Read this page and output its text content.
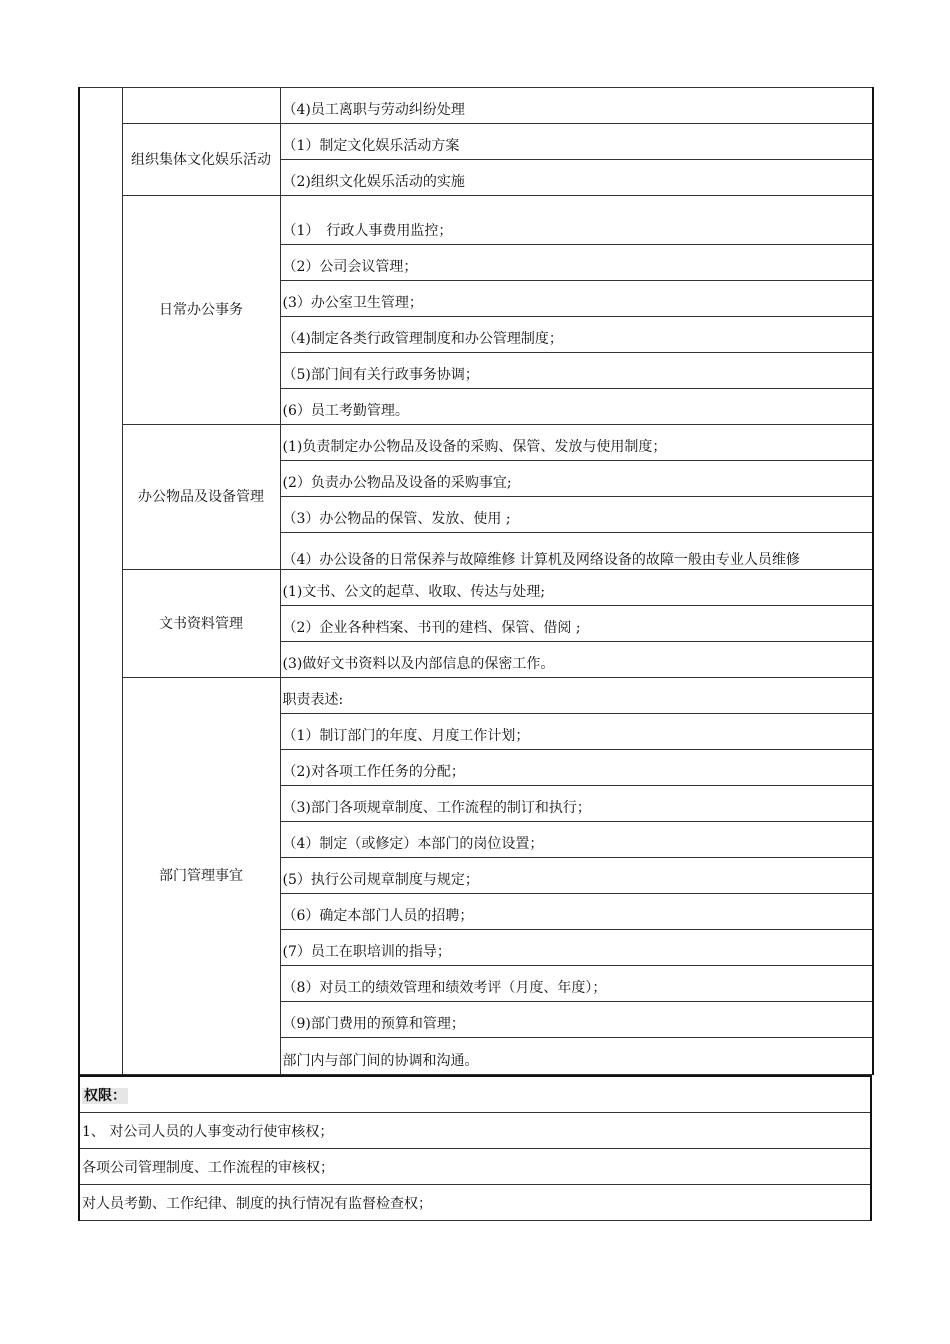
		（4)员工离职与劳动纠纷处理
	组织集体文化娱乐活动	（1）制定文化娱乐活动方案
		（2)组织文化娱乐活动的实施
	日常办公事务	（1）　行政人事费用监控；
		（2）公司会议管理；
		(3）办公室卫生管理；
		（4)制定各类行政管理制度和办公管理制度；
		（5)部门间有关行政事务协调；
		(6）员工考勤管理。
	办公物品及设备管理	(1)负责制定办公物品及设备的采购、保管、发放与使用制度；
		(2）负责办公物品及设备的采购事宜;
		（3）办公物品的保管、发放、使用 ;
		（4）办公设备的日常保养与故障维修 计算机及网络设备的故障一般由专业人员维修
	文书资料管理	(1)文书、公文的起草、收取、传达与处理;
		（2）企业各种档案、书刊的建档、保管、借阅 ;
		(3)做好文书资料以及内部信息的保密工作。
	部门管理事宜	职责表述:
		（1）制订部门的年度、月度工作计划；
		（2)对各项工作任务的分配；
		（3)部门各项规章制度、工作流程的制订和执行；
		（4）制定（或修定）本部门的岗位设置；
		(5）执行公司规章制度与规定；
		（6）确定本部门人员的招聘；
		(7）员工在职培训的指导；
		（8）对员工的绩效管理和绩效考评（月度、年度）；
		（9)部门费用的预算和管理；
		部门内与部门间的协调和沟通。
权限：
1、 对公司人员的人事变动行使审核权；
各项公司管理制度、工作流程的审核权；
对人员考勤、工作纪律、制度的执行情况有监督检查权；
